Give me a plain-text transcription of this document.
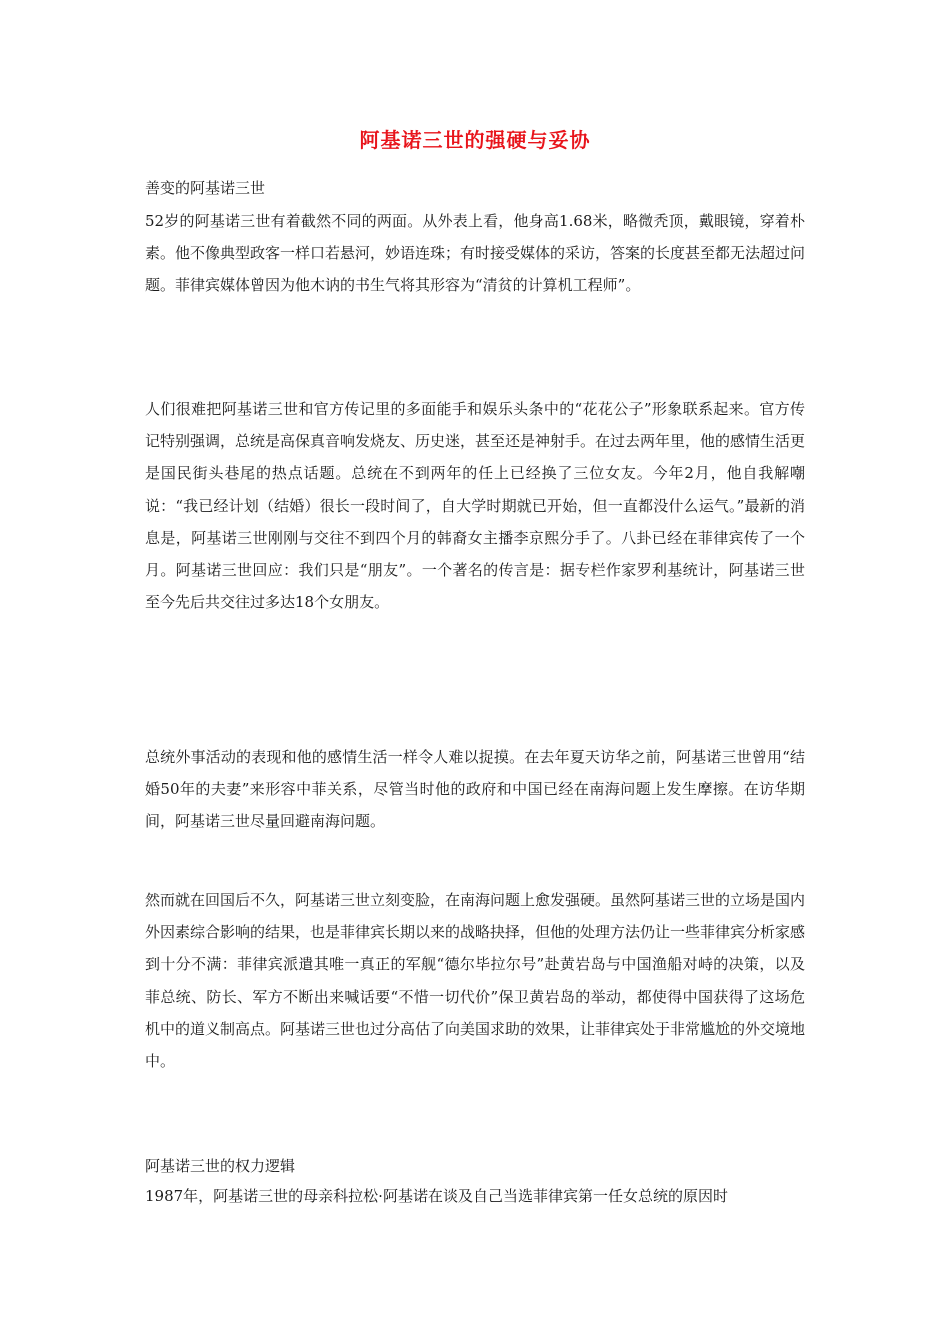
阿基诺三世的强硬与妥协

善变的阿基诺三世

52岁的阿基诺三世有着截然不同的两面。从外表上看，他身高1.68米，略微秃顶，戴眼镜，穿着朴素。他不像典型政客一样口若悬河，妙语连珠；有时接受媒体的采访，答案的长度甚至都无法超过问题。菲律宾媒体曾因为他木讷的书生气将其形容为“清贫的计算机工程师”。

人们很难把阿基诺三世和官方传记里的多面能手和娱乐头条中的“花花公子”形象联系起来。官方传记特别强调，总统是高保真音响发烧友、历史迷，甚至还是神射手。在过去两年里，他的感情生活更是国民街头巷尾的热点话题。总统在不到两年的任上已经换了三位女友。今年2月，他自我解嘲说：“我已经计划（结婚）很长一段时间了，自大学时期就已开始，但一直都没什么运气。”最新的消息是，阿基诺三世刚刚与交往不到四个月的韩裔女主播李京熙分手了。八卦已经在菲律宾传了一个月。阿基诺三世回应：我们只是“朋友”。一个著名的传言是：据专栏作家罗利基统计，阿基诺三世至今先后共交往过多达18个女朋友。

总统外事活动的表现和他的感情生活一样令人难以捉摸。在去年夏天访华之前，阿基诺三世曾用“结婚50年的夫妻”来形容中菲关系，尽管当时他的政府和中国已经在南海问题上发生摩擦。在访华期间，阿基诺三世尽量回避南海问题。

然而就在回国后不久，阿基诺三世立刻变脸，在南海问题上愈发强硬。虽然阿基诺三世的立场是国内外因素综合影响的结果，也是菲律宾长期以来的战略抉择，但他的处理方法仍让一些菲律宾分析家感到十分不满：菲律宾派遣其唯一真正的军舰“德尔毕拉尔号”赴黄岩岛与中国渔船对峙的决策，以及菲总统、防长、军方不断出来喊话要“不惜一切代价”保卫黄岩岛的举动，都使得中国获得了这场危机中的道义制高点。阿基诺三世也过分高估了向美国求助的效果，让菲律宾处于非常尴尬的外交境地中。

阿基诺三世的权力逻辑

1987年，阿基诺三世的母亲科拉松·阿基诺在谈及自己当选菲律宾第一任女总统的原因时
